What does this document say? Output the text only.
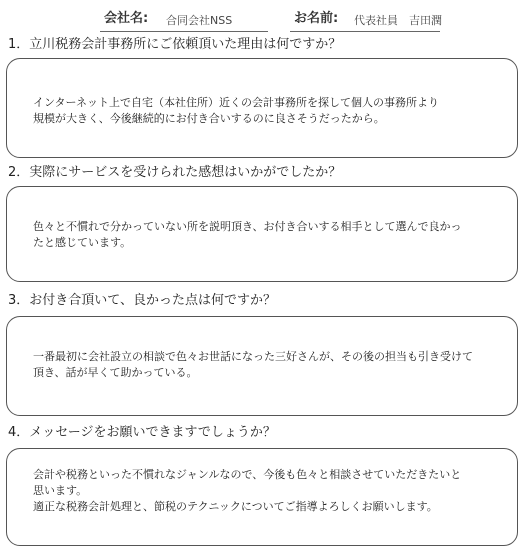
会社名: 合同会社NSS	お名前: 代表社員　吉田潤
1．立川税務会計事務所にご依頼頂いた理由は何ですか？
インターネット上で自宅（本社住所）近くの会計事務所を探して個人の事務所より
規模が大きく、今後継続的にお付き合いするのに良さそうだったから。
2．実際にサービスを受けられた感想はいかがでしたか？
色々と不慣れで分かっていない所を説明頂き、お付き合いする相手として選んで良かっ
たと感じています。
3．お付き合頂いて、良かった点は何ですか？
一番最初に会社設立の相談で色々お世話になった三好さんが、その後の担当も引き受けて
頂き、話が早くて助かっている。
4．メッセージをお願いできますでしょうか？
会計や税務といった不慣れなジャンルなので、今後も色々と相談させていただきたいと
思います。
適正な税務会計処理と、節税のテクニックについてご指導よろしくお願いします。
